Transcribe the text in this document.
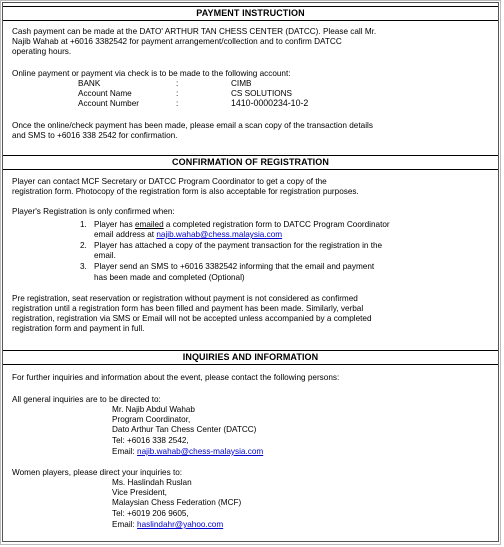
PAYMENT INSTRUCTION
Cash payment can be made at the DATO' ARTHUR TAN CHESS CENTER (DATCC). Please call Mr.
Najib Wahab at +6016 3382542 for payment arrangement/collection and to confirm DATCC
operating hours.
Online payment or payment via check is to be made to the following account:
BANK	:	CIMB
Account Name	:	CS SOLUTIONS
Account Number	:	1410-0000234-10-2
Once the online/check payment has been made, please email a scan copy of the transaction details
and SMS to +6016 338 2542 for confirmation.
CONFIRMATION OF REGISTRATION
Player can contact MCF Secretary or DATCC Program Coordinator to get a copy of the
registration form. Photocopy of the registration form is also acceptable for registration purposes.
Player's Registration is only confirmed when:
1. Player has emailed a completed registration form to DATCC Program Coordinator
email address at najib.wahab@chess.malaysia.com
2. Player has attached a copy of the payment transaction for the registration in the
email.
3. Player send an SMS to +6016 3382542 informing that the email and payment
has been made and completed (Optional)
Pre registration, seat reservation or registration without payment is not considered as confirmed
registration until a registration form has been filled and payment has been made. Similarly, verbal
registration, registration via SMS or Email will not be accepted unless accompanied by a completed
registration form and payment in full.
INQUIRIES AND INFORMATION
For further inquiries and information about the event, please contact the following persons:
All general inquiries are to be directed to:
Mr. Najib Abdul Wahab
Program Coordinator,
Dato Arthur Tan Chess Center (DATCC)
Tel: +6016 338 2542,
Email: najib.wahab@chess-malaysia.com
Women players, please direct your inquiries to:
Ms. Haslindah Ruslan
Vice President,
Malaysian Chess Federation (MCF)
Tel: +6019 206 9605,
Email: haslindahr@yahoo.com
